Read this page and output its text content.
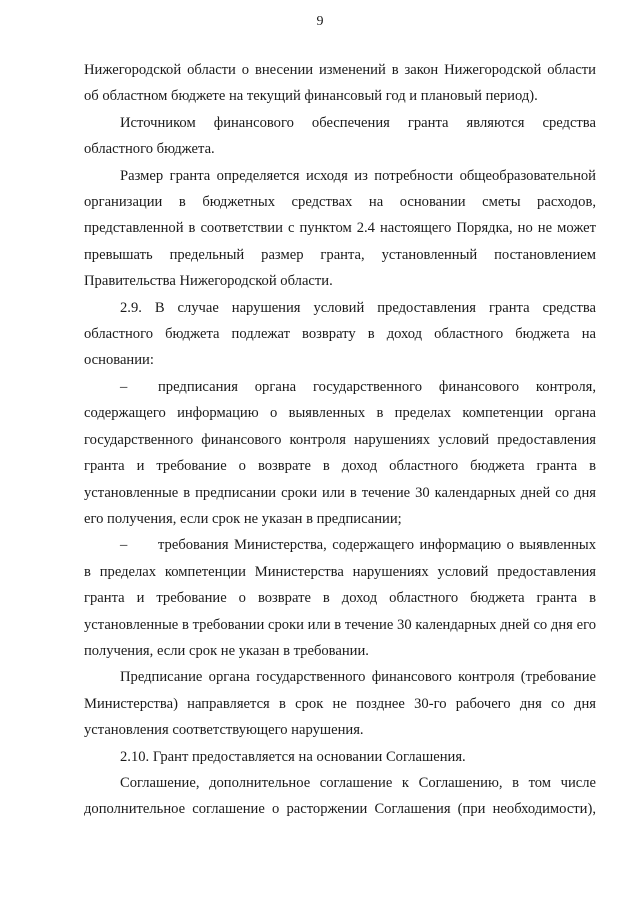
9

Нижегородской области о внесении изменений в закон Нижегородской области об областном бюджете на текущий финансовый год и плановый период).

Источником финансового обеспечения гранта являются средства областного бюджета.

Размер гранта определяется исходя из потребности общеобразовательной организации в бюджетных средствах на основании сметы расходов, представленной в соответствии с пунктом 2.4 настоящего Порядка, но не может превышать предельный размер гранта, установленный постановлением Правительства Нижегородской области.

2.9. В случае нарушения условий предоставления гранта средства областного бюджета подлежат возврату в доход областного бюджета на основании:

– предписания органа государственного финансового контроля, содержащего информацию о выявленных в пределах компетенции органа государственного финансового контроля нарушениях условий предоставления гранта и требование о возврате в доход областного бюджета гранта в установленные в предписании сроки или в течение 30 календарных дней со дня его получения, если срок не указан в предписании;

– требования Министерства, содержащего информацию о выявленных в пределах компетенции Министерства нарушениях условий предоставления гранта и требование о возврате в доход областного бюджета гранта в установленные в требовании сроки или в течение 30 календарных дней со дня его получения, если срок не указан в требовании.

Предписание органа государственного финансового контроля (требование Министерства) направляется в срок не позднее 30-го рабочего дня со дня установления соответствующего нарушения.

2.10. Грант предоставляется на основании Соглашения.

Соглашение, дополнительное соглашение к Соглашению, в том числе дополнительное соглашение о расторжении Соглашения (при необходимости),
